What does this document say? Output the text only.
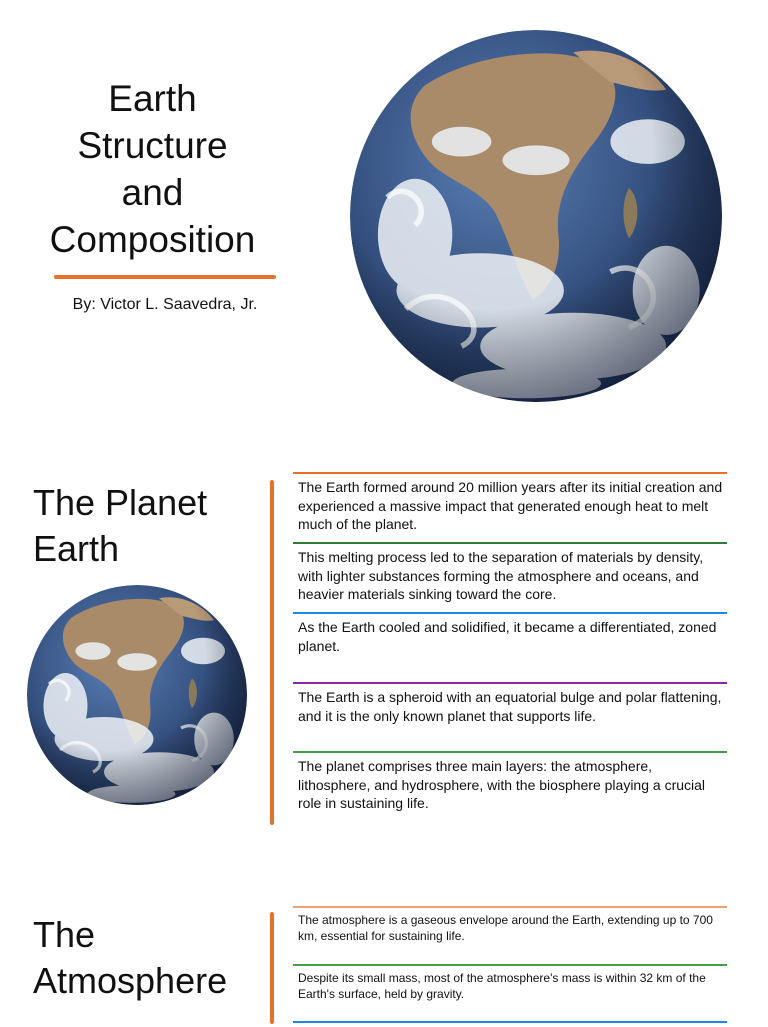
Earth
Structure
and
Composition
By: Victor L. Saavedra, Jr.
The Planet
Earth

The Earth formed around 20 million years after its initial creation and experienced a massive impact that generated enough heat to melt much of the planet.

This melting process led to the separation of materials by density, with lighter substances forming the atmosphere and oceans, and heavier materials sinking toward the core.

As the Earth cooled and solidified, it became a differentiated, zoned planet.

The Earth is a spheroid with an equatorial bulge and polar flattening, and it is the only known planet that supports life.

The planet comprises three main layers: the atmosphere, lithosphere, and hydrosphere, with the biosphere playing a crucial role in sustaining life.

The
Atmosphere

The atmosphere is a gaseous envelope around the Earth, extending up to 700 km, essential for sustaining life.

Despite its small mass, most of the atmosphere's mass is within 32 km of the Earth's surface, held by gravity.
